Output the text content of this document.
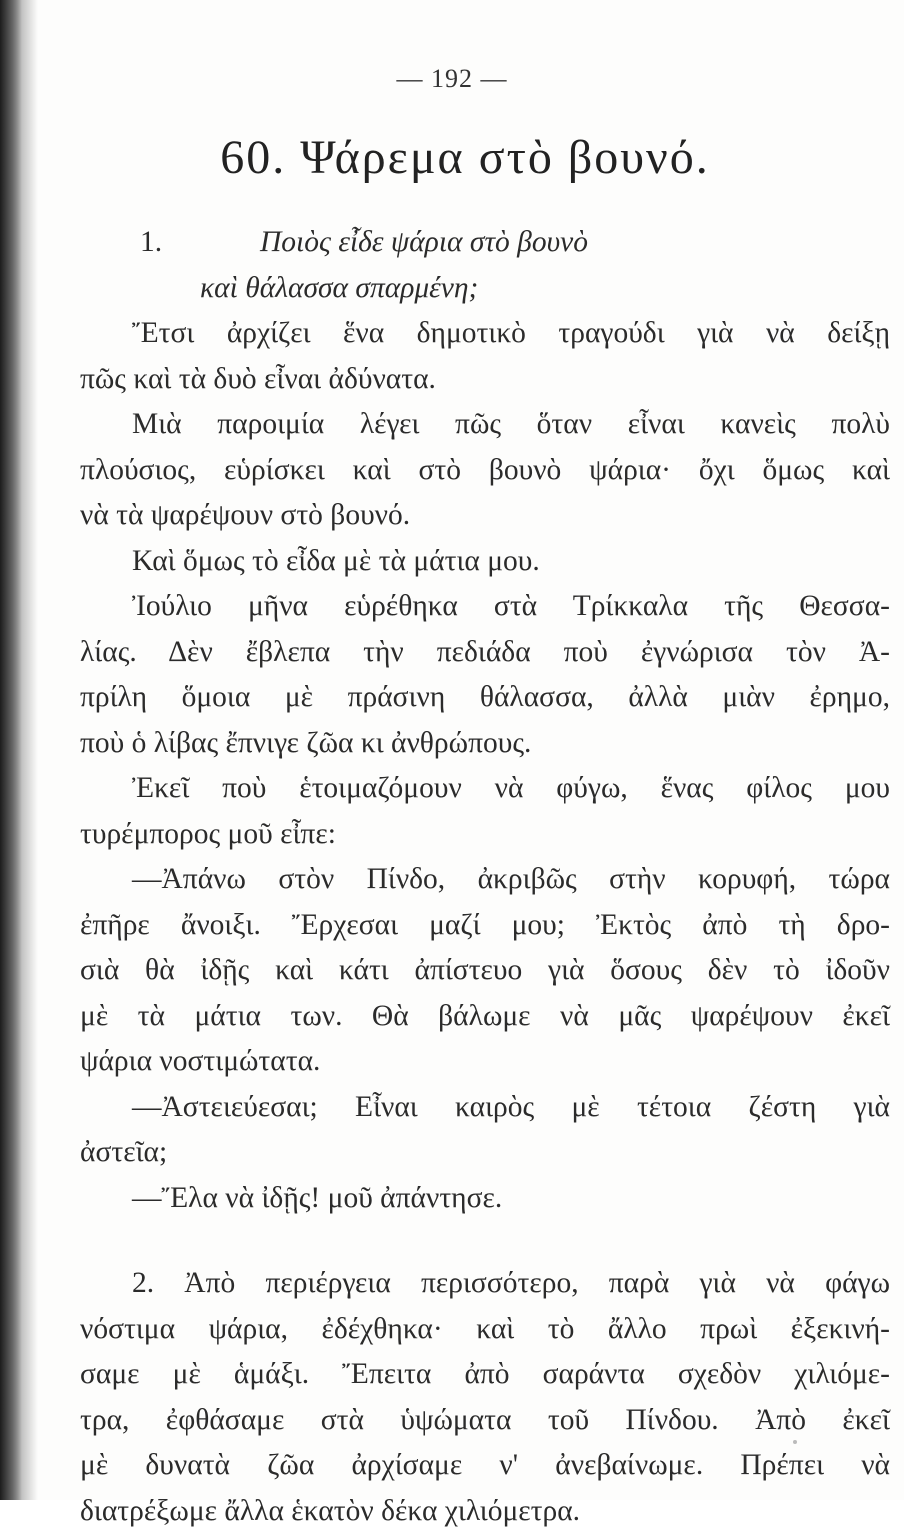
— 192 —
60. Ψάρεμα στὸ βουνό.
1.	Ποιὸς εἶδε ψάρια στὸ βουνὸ
καὶ θάλασσα σπαρμένη;
Ἔτσι ἀρχίζει ἕνα δημοτικὸ τραγούδι γιὰ νὰ δείξῃ
πῶς καὶ τὰ δυὸ εἶναι ἀδύνατα.
Μιὰ παροιμία λέγει πῶς ὅταν εἶναι κανεὶς πολὺ
πλούσιος, εὑρίσκει καὶ στὸ βουνὸ ψάρια· ὄχι ὅμως καὶ
νὰ τὰ ψαρέψουν στὸ βουνό.
Καὶ ὅμως τὸ εἶδα μὲ τὰ μάτια μου.
Ἰούλιο μῆνα εὑρέθηκα στὰ Τρίκκαλα τῆς Θεσσα-
λίας. Δὲν ἔβλεπα τὴν πεδιάδα ποὺ ἐγνώρισα τὸν Ἀ-
πρίλη ὅμοια μὲ πράσινη θάλασσα, ἀλλὰ μιὰν ἐρημο,
ποὺ ὁ λίβας ἔπνιγε ζῶα κι ἀνθρώπους.
Ἐκεῖ ποὺ ἑτοιμαζόμουν νὰ φύγω, ἕνας φίλος μου
τυρέμπορος μοῦ εἶπε:
—Ἀπάνω στὸν Πίνδο, ἀκριβῶς στὴν κορυφή, τώρα
ἐπῆρε ἄνοιξι. Ἔρχεσαι μαζί μου; Ἐκτὸς ἀπὸ τὴ δρο-
σιὰ θὰ ἰδῇς καὶ κάτι ἀπίστευο γιὰ ὅσους δὲν τὸ ἰδοῦν
μὲ τὰ μάτια των. Θὰ βάλωμε νὰ μᾶς ψαρέψουν ἐκεῖ
ψάρια νοστιμώτατα.
—Ἀστειεύεσαι; Εἶναι καιρὸς μὲ τέτοια ζέστη γιὰ
ἀστεῖα;
—Ἔλα νὰ ἰδῇς! μοῦ ἀπάντησε.
2. Ἀπὸ περιέργεια περισσότερο, παρὰ γιὰ νὰ φάγω
νόστιμα ψάρια, ἐδέχθηκα· καὶ τὸ ἄλλο πρωὶ ἐξεκινή-
σαμε μὲ ἁμάξι. Ἔπειτα ἀπὸ σαράντα σχεδὸν χιλιόμε-
τρα, ἐφθάσαμε στὰ ὑψώματα τοῦ Πίνδου. Ἀπὸ ἐκεῖ
μὲ δυνατὰ ζῶα ἀρχίσαμε ν' ἀνεβαίνωμε. Πρέπει νὰ
διατρέξωμε ἄλλα ἑκατὸν δέκα χιλιόμετρα.
